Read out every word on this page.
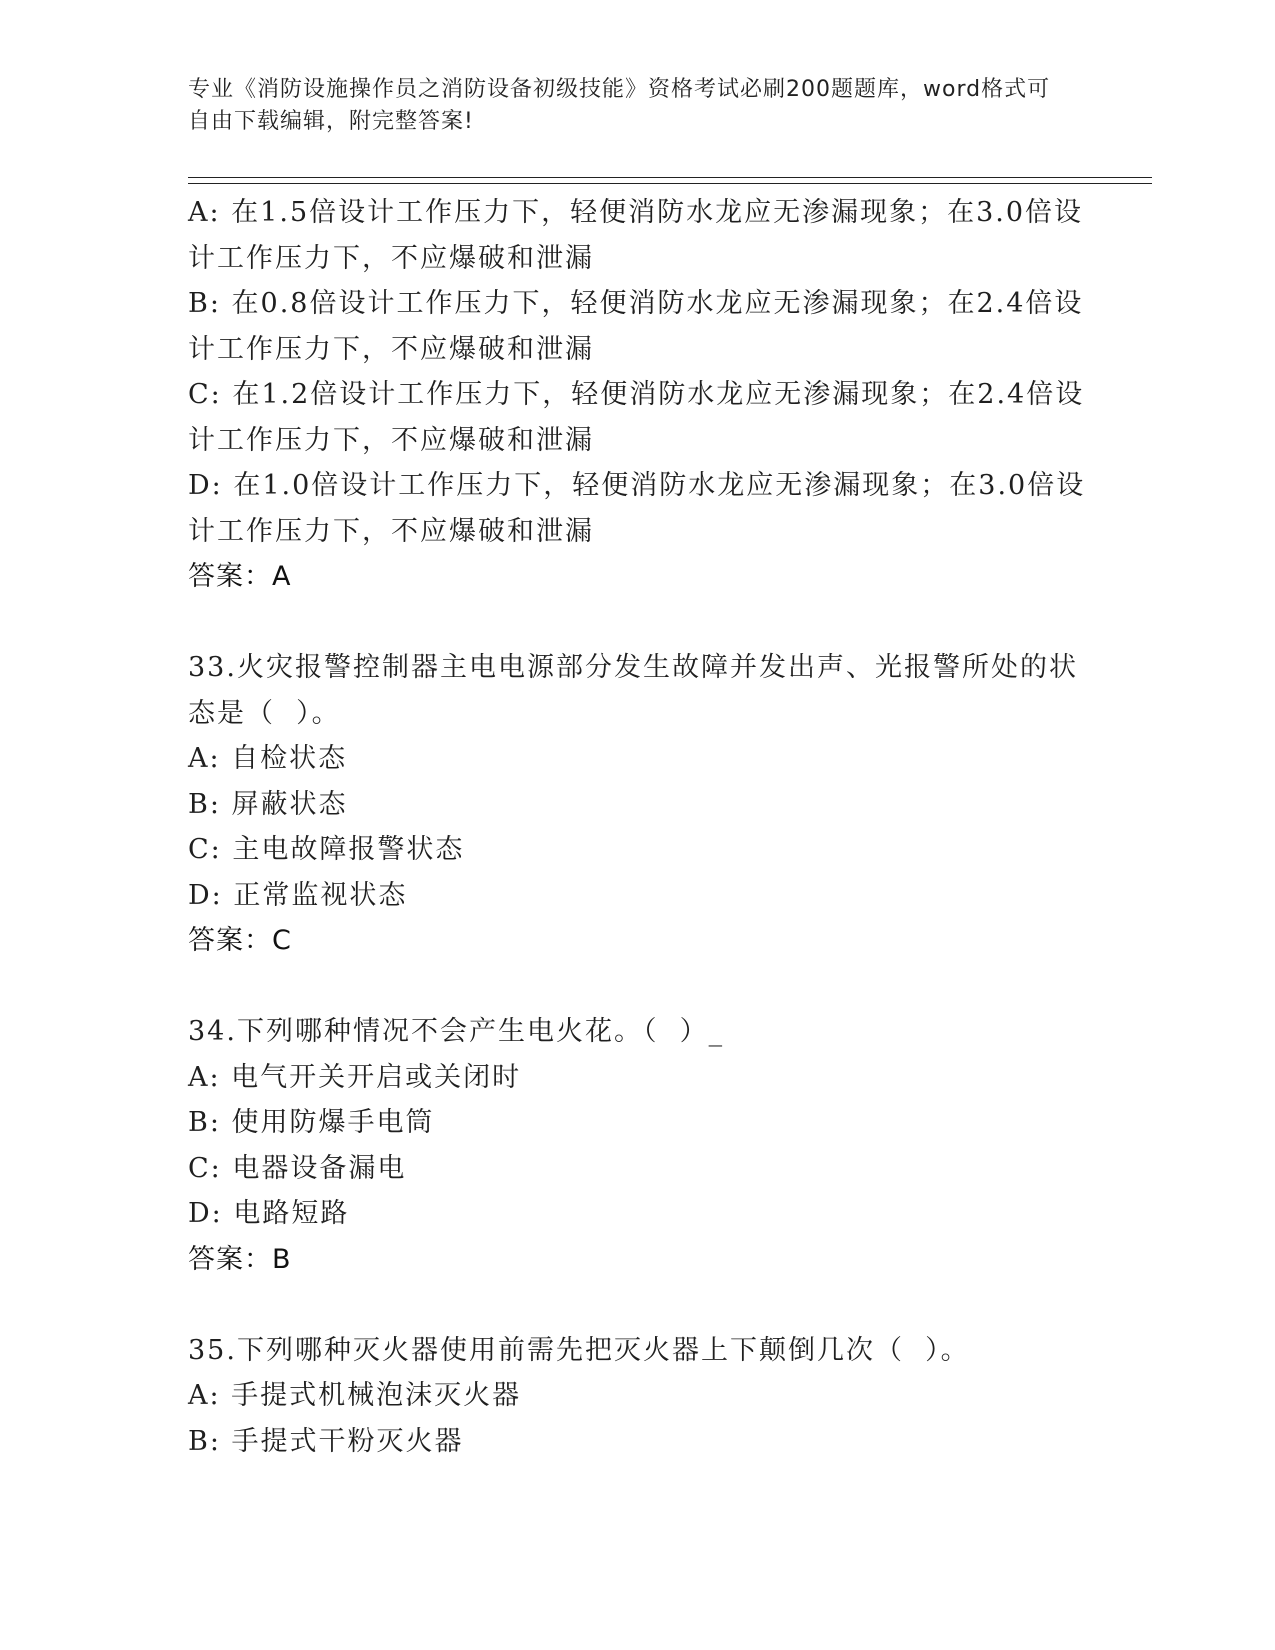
专业《消防设施操作员之消防设备初级技能》资格考试必刷200题题库，word格式可自由下载编辑，附完整答案!
A: 在1.5倍设计工作压力下，轻便消防水龙应无渗漏现象；在3.0倍设计工作压力下，不应爆破和泄漏
B: 在0.8倍设计工作压力下，轻便消防水龙应无渗漏现象；在2.4倍设计工作压力下，不应爆破和泄漏
C: 在1.2倍设计工作压力下，轻便消防水龙应无渗漏现象；在2.4倍设计工作压力下，不应爆破和泄漏
D: 在1.0倍设计工作压力下，轻便消防水龙应无渗漏现象；在3.0倍设计工作压力下，不应爆破和泄漏
答案：A
33.火灾报警控制器主电电源部分发生故障并发出声、光报警所处的状态是（  ）。
A: 自检状态
B: 屏蔽状态
C: 主电故障报警状态
D: 正常监视状态
答案：C
34.下列哪种情况不会产生电火花。（  ）_
A: 电气开关开启或关闭时
B: 使用防爆手电筒
C: 电器设备漏电
D: 电路短路
答案：B
35.下列哪种灭火器使用前需先把灭火器上下颠倒几次（  ）。
A: 手提式机械泡沫灭火器
B: 手提式干粉灭火器
